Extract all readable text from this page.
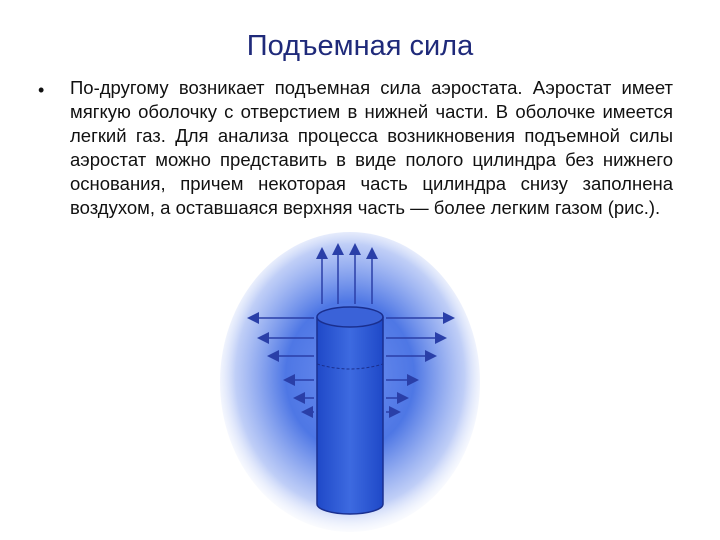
Подъемная сила
• По-другому возникает подъемная сила аэростата. Аэростат имеет мягкую оболочку с отверстием в нижней части. В оболочке имеется легкий газ. Для анализа процесса возникновения подъемной силы аэростат можно представить в виде полого цилиндра без нижнего основания, причем некоторая часть цилиндра снизу заполнена воздухом, а оставшаяся верхняя часть — более легким газом (рис.).
